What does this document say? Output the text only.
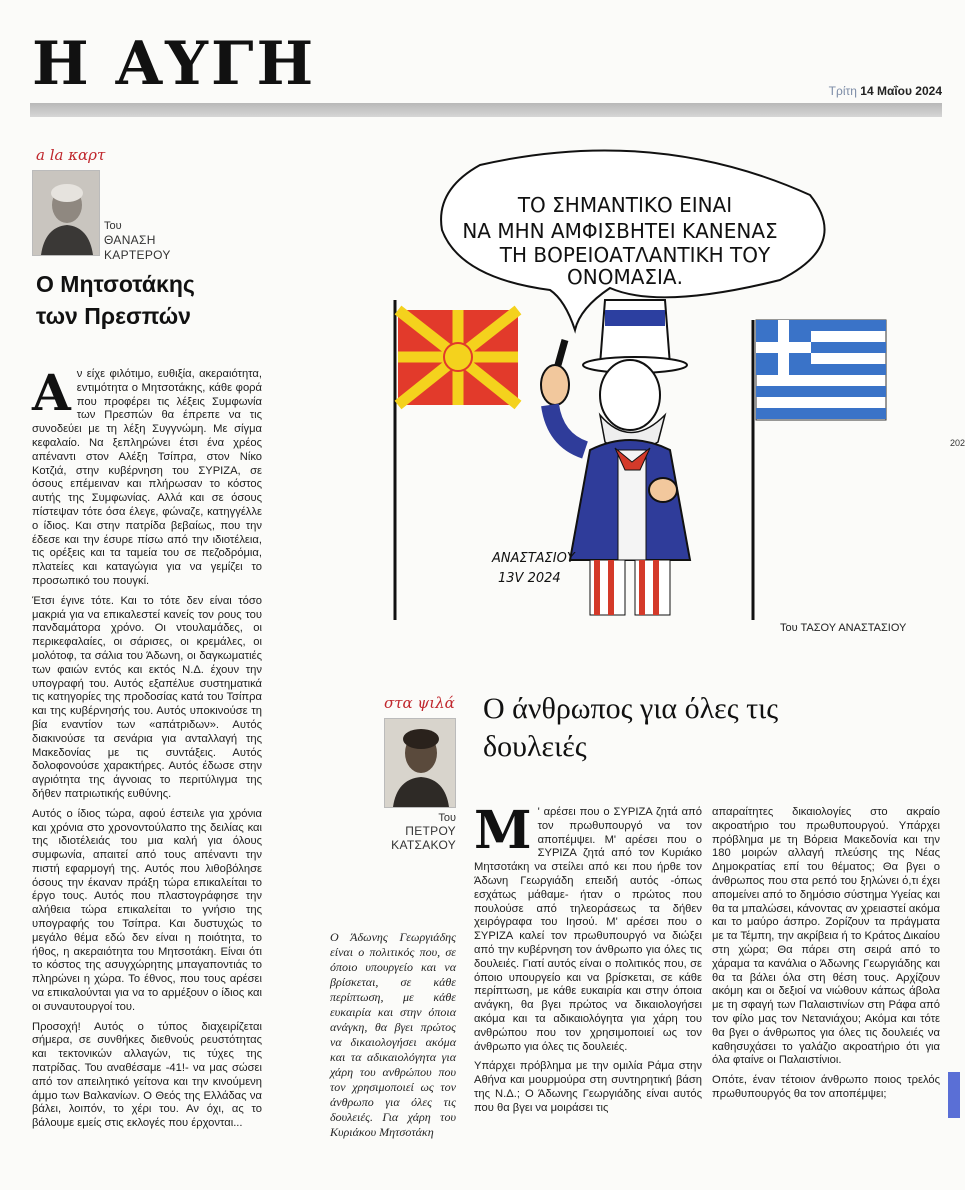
Η ΑΥΓΗ	Τρίτη 14 Μαΐου 2024
a la καρτ
Του
ΘΑΝΑΣΗ
ΚΑΡΤΕΡΟΥ
Ο Μητσοτάκης
των Πρεσπών

Αν είχε φιλότιμο, ευθιξία, ακεραιότητα, εντιμότητα ο Μητσοτάκης, κάθε φορά που προφέρει τις λέξεις Συμφωνία των Πρεσπών θα έπρεπε να τις συνοδεύει με τη λέξη Συγγνώμη. Με σίγμα κεφαλαίο. Να ξεπληρώνει έτσι ένα χρέος απέναντι στον Αλέξη Τσίπρα, στον Νίκο Κοτζιά, στην κυβέρνηση του ΣΥΡΙΖΑ, σε όσους επέμειναν και πλήρωσαν το κόστος αυτής της Συμφωνίας. Αλλά και σε όσους πίστεψαν τότε όσα έλεγε, φώναζε, κατηγγέλλε ο ίδιος. Και στην πατρίδα βεβαίως, που την έδεσε και την έσυρε πίσω από την ιδιοτέλεια, τις ορέξεις και τα ταμεία του σε πεζοδρόμια, πλατείες και καταγώγια για να γεμίζει το προσωπικό του πουγκί.

Έτσι έγινε τότε. Και το τότε δεν είναι τόσο μακριά για να επικαλεστεί κανείς τον ρους του πανδαμάτορα χρόνο. Οι ντουλαμάδες, οι περικεφαλαίες, οι σάρισες, οι κρεμάλες, οι μολότοφ, τα σάλια του Άδωνη, οι δαγκωματιές των φαιών εντός και εκτός Ν.Δ. έχουν την υπογραφή του. Αυτός εξαπέλυε συστηματικά τις κατηγορίες της προδοσίας κατά του Τσίπρα και της κυβέρνησής του. Αυτός υποκινούσε τη βία εναντίον των «απάτριδων». Αυτός διακινούσε τα σενάρια για ανταλλαγή της Μακεδονίας με τις συντάξεις. Αυτός δολοφονούσε χαρακτήρες. Αυτός έδωσε στην αγριότητα της άγνοιας το περιτύλιγμα της δήθεν πατριωτικής ευθύνης.

Αυτός ο ίδιος τώρα, αφού έστειλε για χρόνια και χρόνια στο χρονοντούλαπο της δειλίας και της ιδιοτέλειάς του μια καλή για όλους συμφωνία, απαιτεί από τους απέναντι την πιστή εφαρμογή της. Αυτός που λιθοβόλησε όσους την έκαναν πράξη τώρα επικαλείται το έργο τους. Αυτός που πλαστογράφησε την αλήθεια τώρα επικαλείται το γνήσιο της υπογραφής του Τσίπρα. Και δυστυχώς το μεγάλο θέμα εδώ δεν είναι η ποιότητα, το ήθος, η ακεραιότητα του Μητσοτάκη. Είναι ότι το κόστος της ασυγχώρητης μπαγαποντιάς το πληρώνει η χώρα. Το έθνος, που τους αρέσει να επικαλούνται για να το αρμέξουν ο ίδιος και οι συναυτουργοί του.

Προσοχή! Αυτός ο τύπος διαχειρίζεται σήμερα, σε συνθήκες διεθνούς ρευστότητας και τεκτονικών αλλαγών, τις τύχες της πατρίδας. Του αναθέσαμε -41!- να μας σώσει από τον απειλητικό γείτονα και την κινούμενη άμμο των Βαλκανίων. Ο Θεός της Ελλάδας να βάλει, λοιπόν, το χέρι του. Αν όχι, ας το βάλουμε εμείς στις εκλογές που έρχονται...

ΤΟ ΣΗΜΑΝΤΙΚΟ ΕΙΝΑΙ
ΝΑ ΜΗΝ ΑΜΦΙΣΒΗΤΕΙ ΚΑΝΕΝΑΣ
ΤΗ ΒΟΡΕΙΟΑΤΛΑΝΤΙΚΗ ΤΟΥ
ΟΝΟΜΑΣΙΑ.
ΑΝΑΣΤΑΣΙΟΥ
13V 2024
Του ΤΑΣΟΥ ΑΝΑΣΤΑΣΙΟΥ
202
στα ψιλά Ο άνθρωπος για όλες τις δουλειές
Του
ΠΕΤΡΟΥ
ΚΑΤΣΑΚΟΥ
Ο Άδωνης Γεωργιάδης είναι ο πολιτικός που, σε όποιο υπουργείο και να βρίσκεται, σε κάθε περίπτωση, με κάθε ευκαιρία και στην όποια ανάγκη, θα βγει πρώτος να δικαιολογήσει ακόμα και τα αδικαιολόγητα για χάρη του ανθρώπου που τον χρησιμοποιεί ως τον άνθρωπο για όλες τις δουλειές. Για χάρη του Κυριάκου Μητσοτάκη

Μ ' αρέσει που ο ΣΥΡΙΖΑ ζητά από τον πρωθυπουργό να τον αποπέμψει. Μ' αρέσει που ο ΣΥΡΙΖΑ ζητά από τον Κυριάκο Μητσοτάκη να στείλει από κει που ήρθε τον Άδωνη Γεωργιάδη επειδή αυτός -όπως εσχάτως μάθαμε- ήταν ο πρώτος που πουλούσε από τηλεοράσεως τα δήθεν χειρόγραφα του Ιησού. Μ' αρέσει που ο ΣΥΡΙΖΑ καλεί τον πρωθυπουργό να διώξει από την κυβέρνηση τον άνθρωπο για όλες τις δουλειές. Γιατί αυτός είναι ο πολιτικός που, σε όποιο υπουργείο και να βρίσκεται, σε κάθε περίπτωση, με κάθε ευκαιρία και στην όποια ανάγκη, θα βγει πρώτος να δικαιολογήσει ακόμα και τα αδικαιολόγητα για χάρη του ανθρώπου που τον χρησιμοποιεί ως τον άνθρωπο για όλες τις δουλειές.

Υπάρχει πρόβλημα με την ομιλία Ράμα στην Αθήνα και μουρμούρα στη συντηρητική βάση της Ν.Δ.; Ο Άδωνης Γεωργιάδης είναι αυτός που θα βγει να μοιράσει τις

απαραίτητες δικαιολογίες στο ακραίο ακροατήριο του πρωθυπουργού. Υπάρχει πρόβλημα με τη Βόρεια Μακεδονία και την 180 μοιρών αλλαγή πλεύσης της Νέας Δημοκρατίας επί του θέματος; Θα βγει ο άνθρωπος που στα ρεπό του ξηλώνει ό,τι έχει απομείνει από το δημόσιο σύστημα Υγείας και θα τα μπαλώσει, κάνοντας αν χρειαστεί ακόμα και το μαύρο άσπρο. Ζορίζουν τα πράγματα με τα Τέμπη, την ακρίβεια ή το Κράτος Δικαίου στη χώρα; Θα πάρει στη σειρά από το χάραμα τα κανάλια ο Άδωνης Γεωργιάδης και θα τα βάλει όλα στη θέση τους. Αρχίζουν ακόμη και οι δεξιοί να νιώθουν κάπως άβολα με τη σφαγή των Παλαιστινίων στη Ράφα από τον φίλο μας τον Νετανιάχου; Ακόμα και τότε θα βγει ο άνθρωπος για όλες τις δουλειές να καθησυχάσει το γαλάζιο ακροατήριο ότι για όλα φταίνε οι Παλαιστίνιοι.

Οπότε, έναν τέτοιον άνθρωπο ποιος τρελός πρωθυπουργός θα τον αποπέμψει;
